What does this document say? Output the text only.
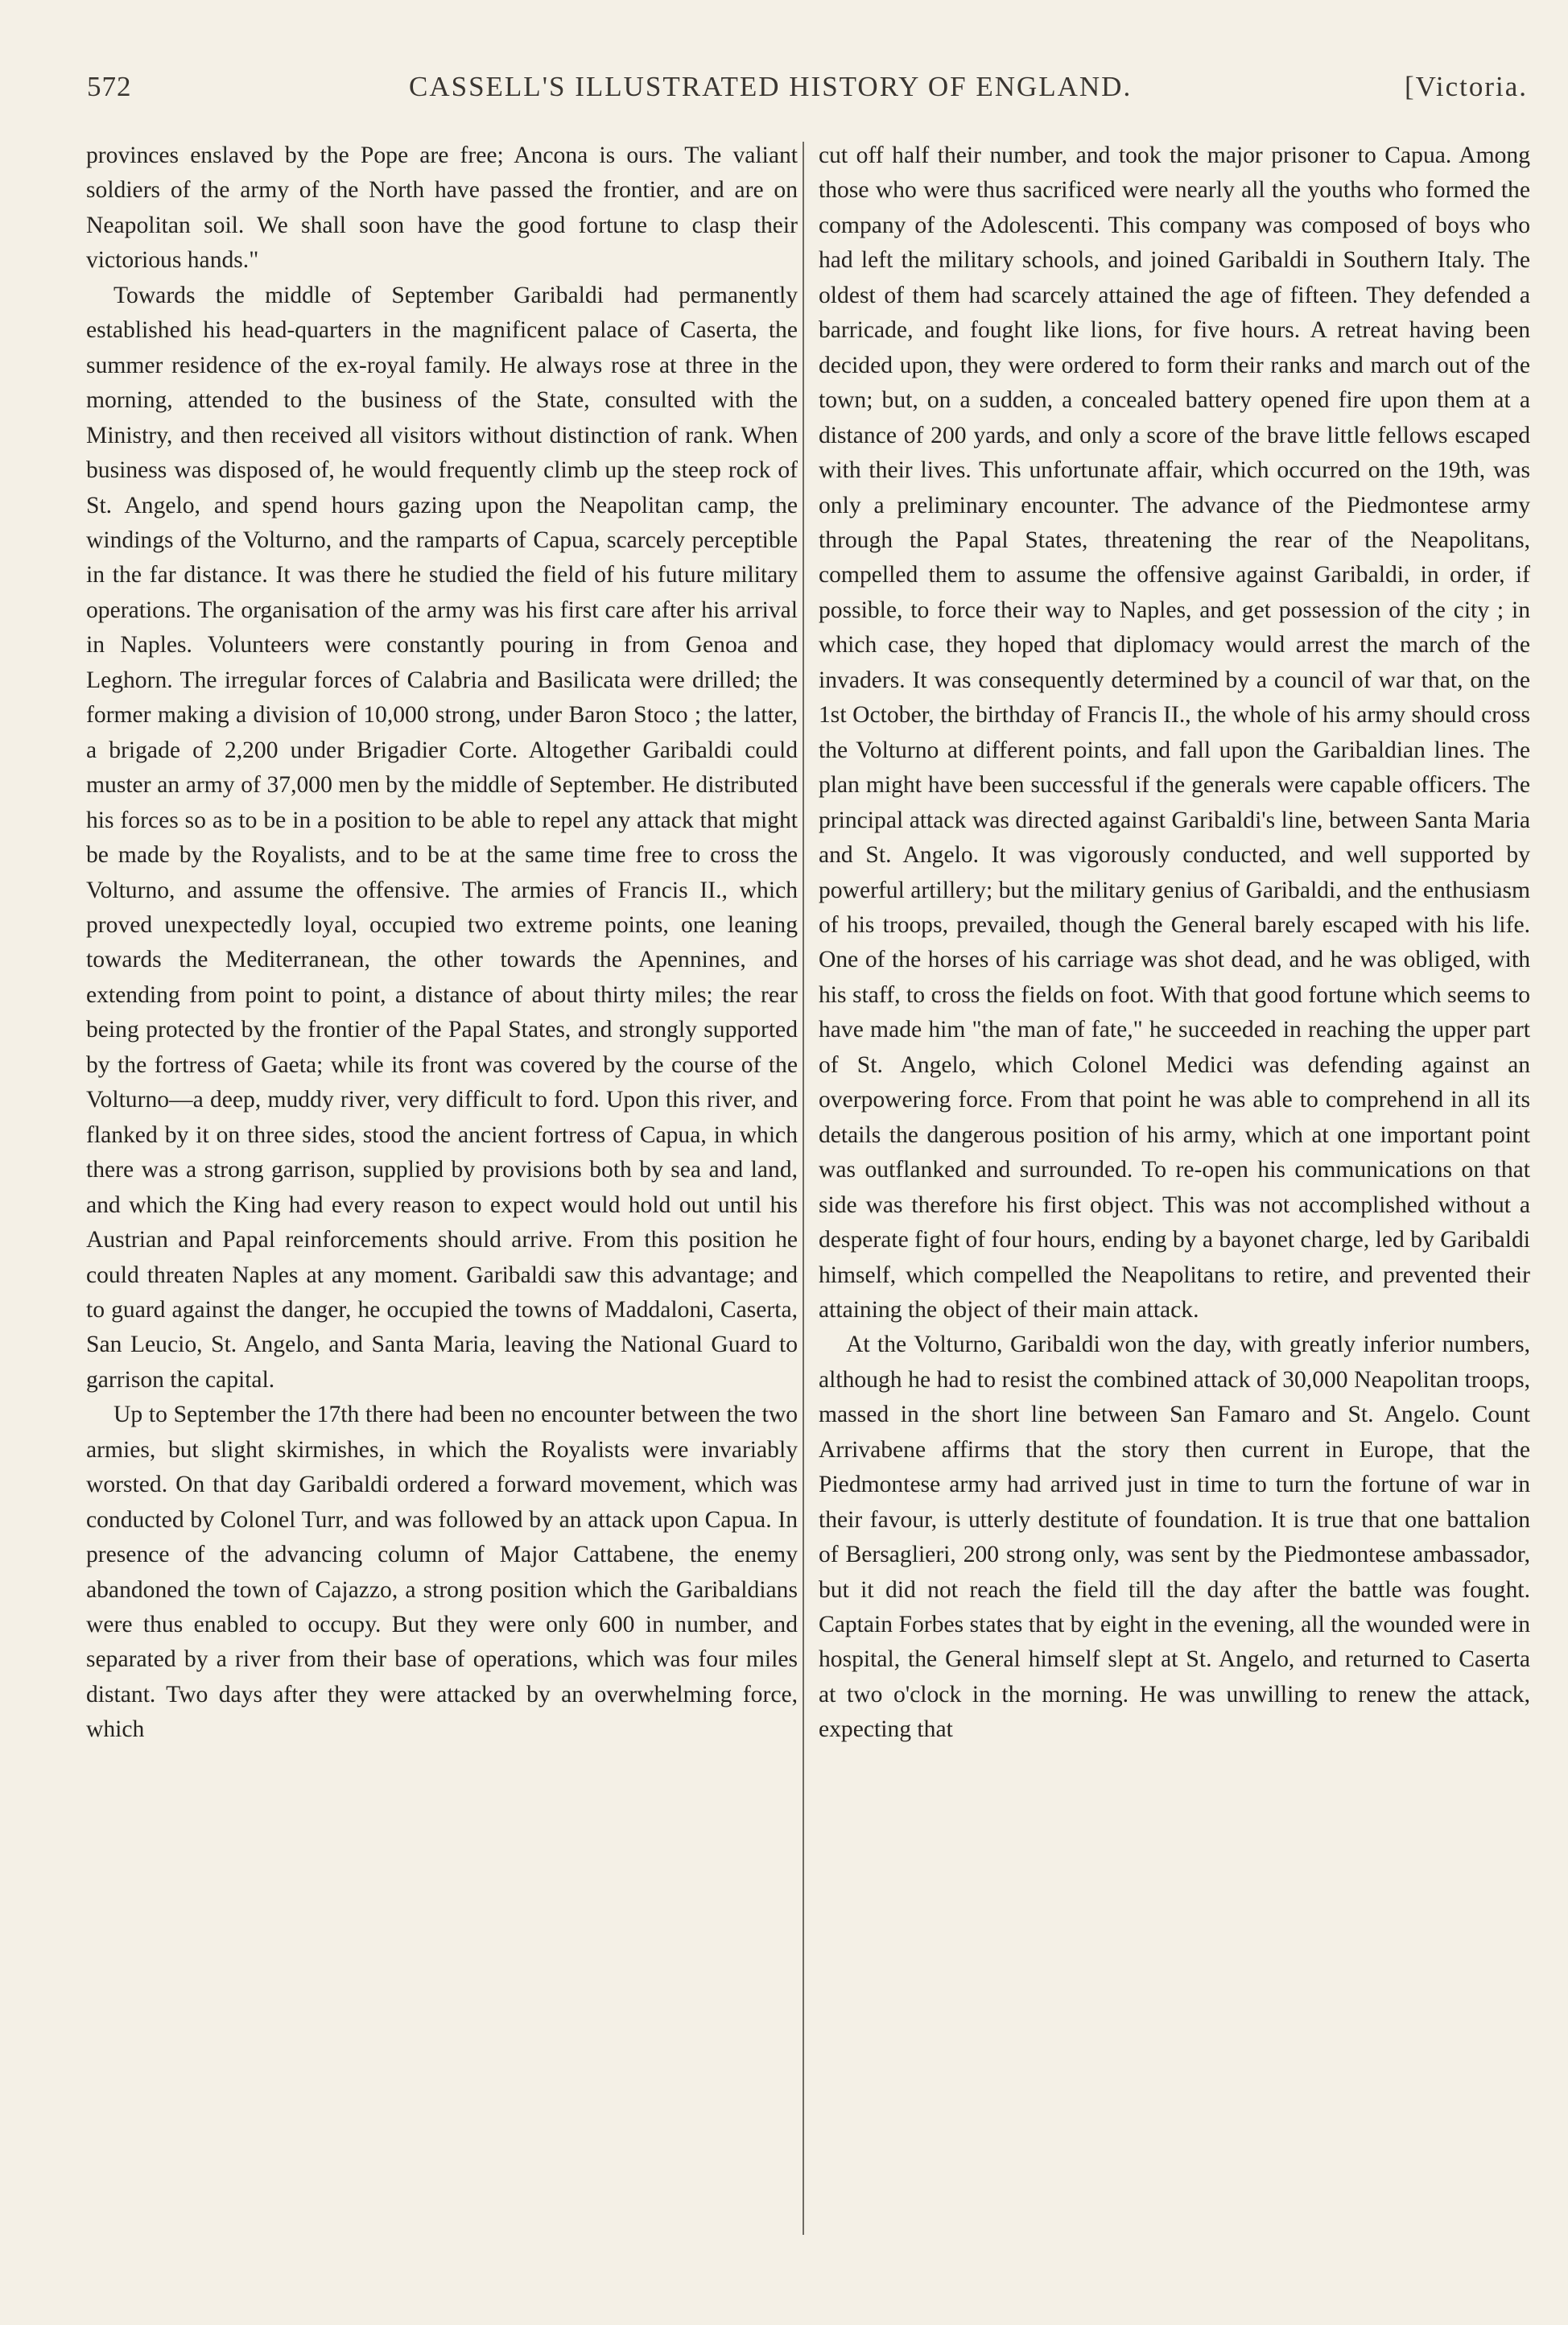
572	CASSELL'S ILLUSTRATED HISTORY OF ENGLAND.	[Victoria.

provinces enslaved by the Pope are free; Ancona is ours. The valiant soldiers of the army of the North have passed the frontier, and are on Neapolitan soil. We shall soon have the good fortune to clasp their victorious hands."

Towards the middle of September Garibaldi had permanently established his head-quarters in the magnificent palace of Caserta, the summer residence of the ex-royal family. He always rose at three in the morning, attended to the business of the State, consulted with the Ministry, and then received all visitors without distinction of rank. When business was disposed of, he would frequently climb up the steep rock of St. Angelo, and spend hours gazing upon the Neapolitan camp, the windings of the Volturno, and the ramparts of Capua, scarcely perceptible in the far distance. It was there he studied the field of his future military operations. The organisation of the army was his first care after his arrival in Naples. Volunteers were constantly pouring in from Genoa and Leghorn. The irregular forces of Calabria and Basilicata were drilled; the former making a division of 10,000 strong, under Baron Stoco ; the latter, a brigade of 2,200 under Brigadier Corte. Altogether Garibaldi could muster an army of 37,000 men by the middle of September. He distributed his forces so as to be in a position to be able to repel any attack that might be made by the Royalists, and to be at the same time free to cross the Volturno, and assume the offensive. The armies of Francis II., which proved unexpectedly loyal, occupied two extreme points, one leaning towards the Mediterranean, the other towards the Apennines, and extending from point to point, a distance of about thirty miles; the rear being protected by the frontier of the Papal States, and strongly supported by the fortress of Gaeta; while its front was covered by the course of the Volturno—a deep, muddy river, very difficult to ford. Upon this river, and flanked by it on three sides, stood the ancient fortress of Capua, in which there was a strong garrison, supplied by provisions both by sea and land, and which the King had every reason to expect would hold out until his Austrian and Papal reinforcements should arrive. From this position he could threaten Naples at any moment. Garibaldi saw this advantage; and to guard against the danger, he occupied the towns of Maddaloni, Caserta, San Leucio, St. Angelo, and Santa Maria, leaving the National Guard to garrison the capital.

Up to September the 17th there had been no encounter between the two armies, but slight skirmishes, in which the Royalists were invariably worsted. On that day Garibaldi ordered a forward movement, which was conducted by Colonel Turr, and was followed by an attack upon Capua. In presence of the advancing column of Major Cattabene, the enemy abandoned the town of Cajazzo, a strong position which the Garibaldians were thus enabled to occupy. But they were only 600 in number, and separated by a river from their base of operations, which was four miles distant. Two days after they were attacked by an overwhelming force, which

cut off half their number, and took the major prisoner to Capua. Among those who were thus sacrificed were nearly all the youths who formed the company of the Adolescenti. This company was composed of boys who had left the military schools, and joined Garibaldi in Southern Italy. The oldest of them had scarcely attained the age of fifteen. They defended a barricade, and fought like lions, for five hours. A retreat having been decided upon, they were ordered to form their ranks and march out of the town; but, on a sudden, a concealed battery opened fire upon them at a distance of 200 yards, and only a score of the brave little fellows escaped with their lives. This unfortunate affair, which occurred on the 19th, was only a preliminary encounter. The advance of the Piedmontese army through the Papal States, threatening the rear of the Neapolitans, compelled them to assume the offensive against Garibaldi, in order, if possible, to force their way to Naples, and get possession of the city ; in which case, they hoped that diplomacy would arrest the march of the invaders. It was consequently determined by a council of war that, on the 1st October, the birthday of Francis II., the whole of his army should cross the Volturno at different points, and fall upon the Garibaldian lines. The plan might have been successful if the generals were capable officers. The principal attack was directed against Garibaldi's line, between Santa Maria and St. Angelo. It was vigorously conducted, and well supported by powerful artillery; but the military genius of Garibaldi, and the enthusiasm of his troops, prevailed, though the General barely escaped with his life. One of the horses of his carriage was shot dead, and he was obliged, with his staff, to cross the fields on foot. With that good fortune which seems to have made him "the man of fate," he succeeded in reaching the upper part of St. Angelo, which Colonel Medici was defending against an overpowering force. From that point he was able to comprehend in all its details the dangerous position of his army, which at one important point was outflanked and surrounded. To re-open his communications on that side was therefore his first object. This was not accomplished without a desperate fight of four hours, ending by a bayonet charge, led by Garibaldi himself, which compelled the Neapolitans to retire, and prevented their attaining the object of their main attack.

At the Volturno, Garibaldi won the day, with greatly inferior numbers, although he had to resist the combined attack of 30,000 Neapolitan troops, massed in the short line between San Famaro and St. Angelo. Count Arrivabene affirms that the story then current in Europe, that the Piedmontese army had arrived just in time to turn the fortune of war in their favour, is utterly destitute of foundation. It is true that one battalion of Bersaglieri, 200 strong only, was sent by the Piedmontese ambassador, but it did not reach the field till the day after the battle was fought. Captain Forbes states that by eight in the evening, all the wounded were in hospital, the General himself slept at St. Angelo, and returned to Caserta at two o'clock in the morning. He was unwilling to renew the attack, expecting that
